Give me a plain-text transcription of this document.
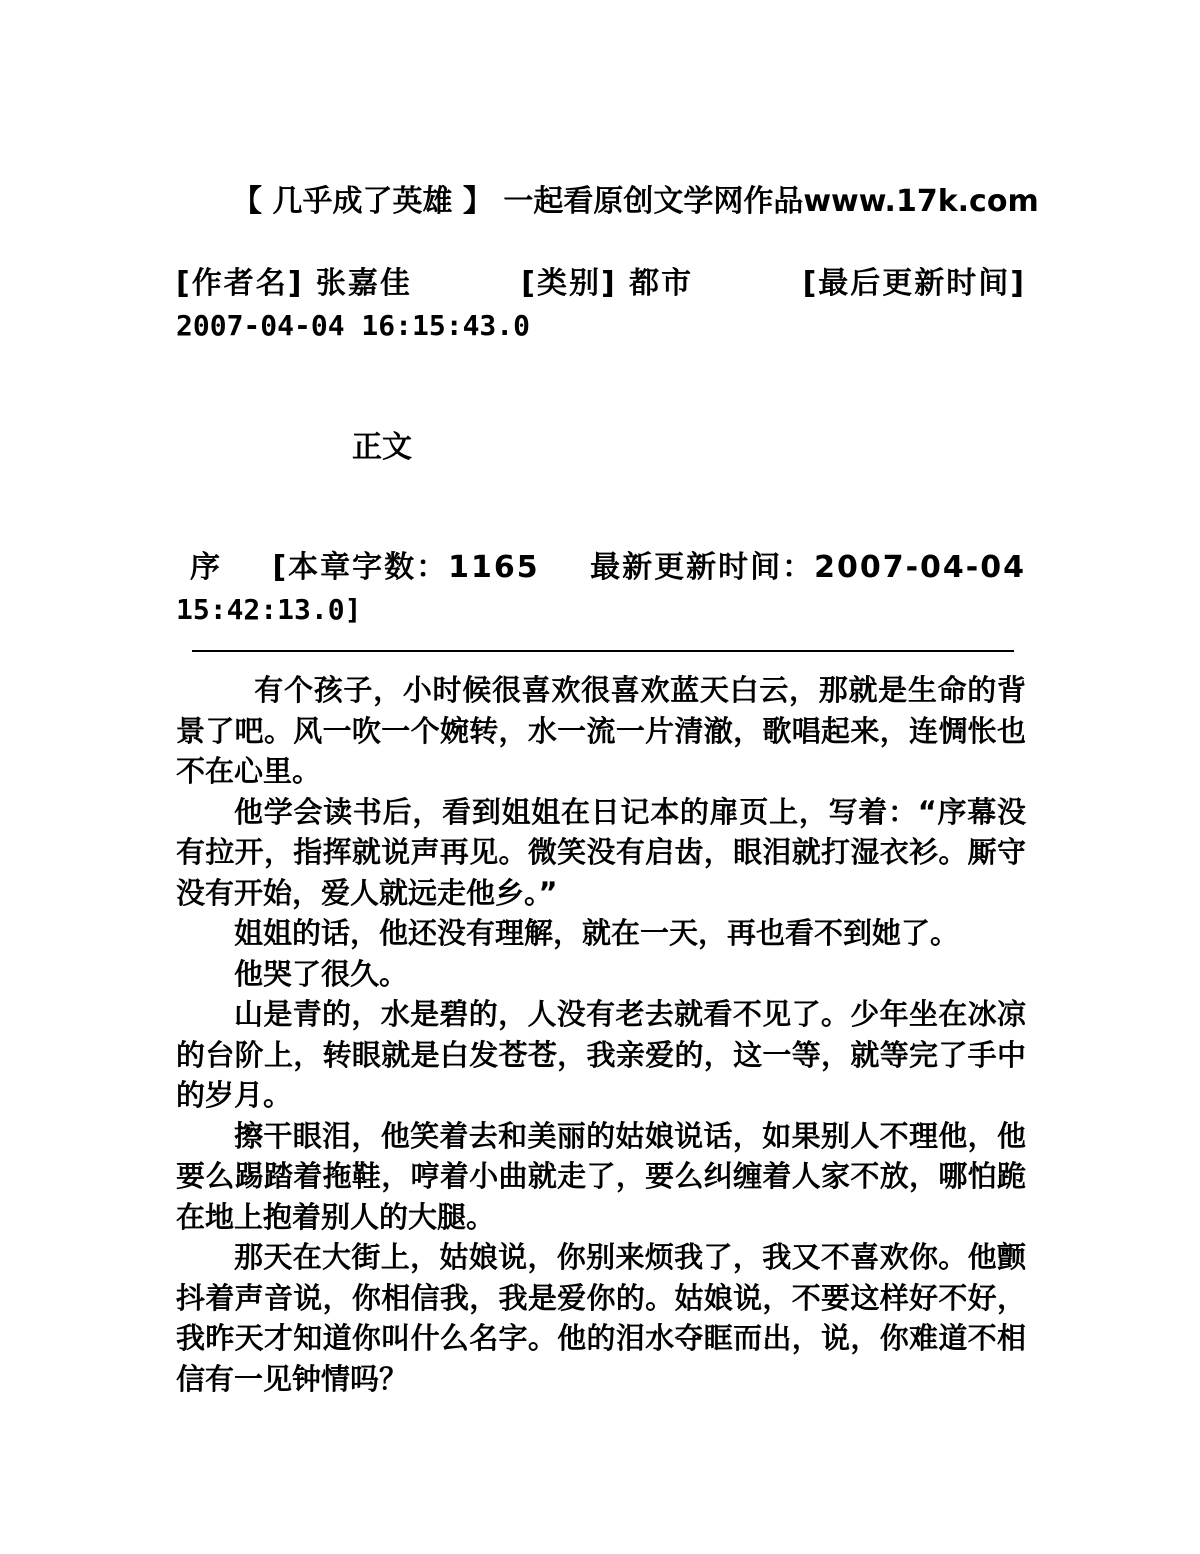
【 几乎成了英雄 】 一起看原创文学网作品www.17k.com
[作者名] 张嘉佳	[类别] 都市	[最后更新时间]
2007-04-04 16:15:43.0
正文
序 [本章字数：1165 最新更新时间：2007-04-04
15:42:13.0]

有个孩子，小时候很喜欢很喜欢蓝天白云，那就是生命的背景了吧。风一吹一个婉转，水一流一片清澈，歌唱起来，连惆怅也不在心里。

他学会读书后，看到姐姐在日记本的扉页上，写着：“序幕没有拉开，指挥就说声再见。微笑没有启齿，眼泪就打湿衣衫。厮守没有开始，爱人就远走他乡。”

姐姐的话，他还没有理解，就在一天，再也看不到她了。

他哭了很久。

山是青的，水是碧的，人没有老去就看不见了。少年坐在冰凉的台阶上，转眼就是白发苍苍，我亲爱的，这一等，就等完了手中的岁月。

擦干眼泪，他笑着去和美丽的姑娘说话，如果别人不理他，他要么踢踏着拖鞋，哼着小曲就走了，要么纠缠着人家不放，哪怕跪在地上抱着别人的大腿。

那天在大街上，姑娘说，你别来烦我了，我又不喜欢你。他颤抖着声音说，你相信我，我是爱你的。姑娘说，不要这样好不好，我昨天才知道你叫什么名字。他的泪水夺眶而出，说，你难道不相信有一见钟情吗？
